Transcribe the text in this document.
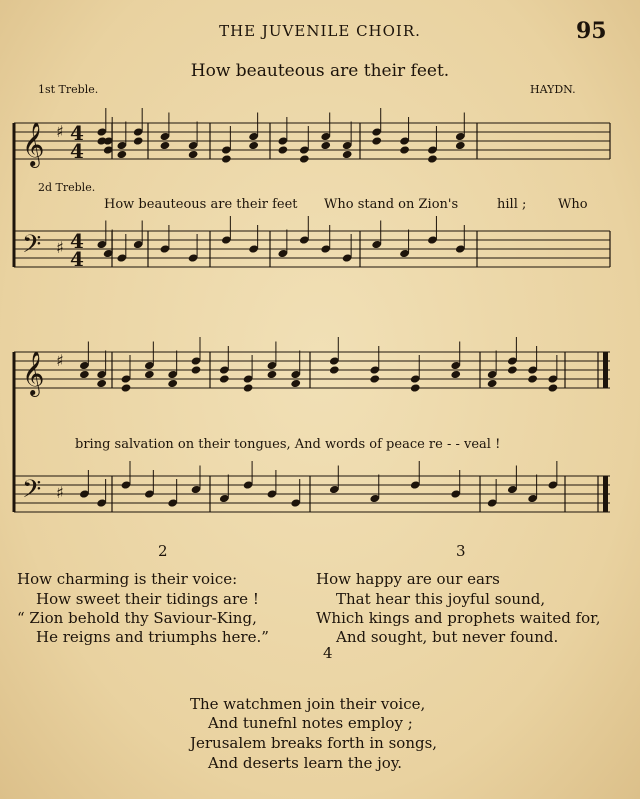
THE JUVENILE CHOIR.	95
How beauteous are their feet.
1st Treble.
2d Treble.
HAYDN.
𝄞 ♯ 4
4
𝄢 ♯ 4
4
𝄞 ♯
𝄢 ♯
How beauteous are their feet Who stand on Zion's	hill ; Who
bring salvation on their tongues, And words of peace re - - veal !
2	3
4
How charming is their voice:
How sweet their tidings are !
“ Zion behold thy Saviour-King,
He reigns and triumphs here.”
How happy are our ears
That hear this joyful sound,
Which kings and prophets waited for,
And sought, but never found.
The watchmen join their voice,
And tunefnl notes employ ;
Jerusalem breaks forth in songs,
And deserts learn the joy.
